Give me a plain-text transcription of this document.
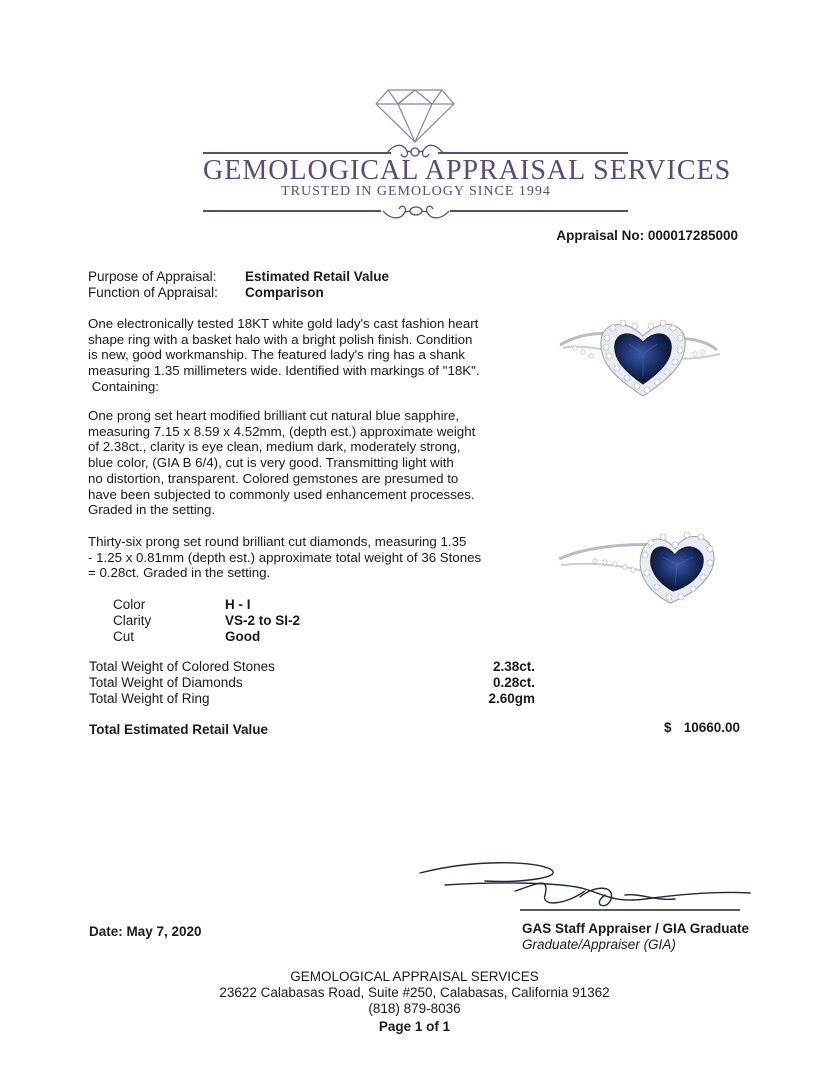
GEMOLOGICAL APPRAISAL SERVICES
TRUSTED IN GEMOLOGY SINCE 1994
Appraisal No: 000017285000
Purpose of Appraisal: Estimated Retail Value
Function of Appraisal: Comparison
One electronically tested 18KT white gold lady's cast fashion heart
shape ring with a basket halo with a bright polish finish. Condition
is new, good workmanship. The featured lady's ring has a shank
measuring 1.35 millimeters wide. Identified with markings of "18K".
Containing:
One prong set heart modified brilliant cut natural blue sapphire,
measuring 7.15 x 8.59 x 4.52mm, (depth est.) approximate weight
of 2.38ct., clarity is eye clean, medium dark, moderately strong,
blue color, (GIA B 6/4), cut is very good. Transmitting light with
no distortion, transparent. Colored gemstones are presumed to
have been subjected to commonly used enhancement processes.
Graded in the setting.
Thirty-six prong set round brilliant cut diamonds, measuring 1.35
- 1.25 x 0.81mm (depth est.) approximate total weight of 36 Stones
= 0.28ct. Graded in the setting.
Color	H - I
Clarity	VS-2 to SI-2
Cut	Good
Total Weight of Colored Stones	2.38ct.
Total Weight of Diamonds	0.28ct.
Total Weight of Ring	2.60gm
Total Estimated Retail Value	$ 10660.00
GAS Staff Appraiser / GIA Graduate
Graduate/Appraiser (GIA)
Date: May 7, 2020
GEMOLOGICAL APPRAISAL SERVICES
23622 Calabasas Road, Suite #250, Calabasas, California 91362
(818) 879-8036
Page 1 of 1
